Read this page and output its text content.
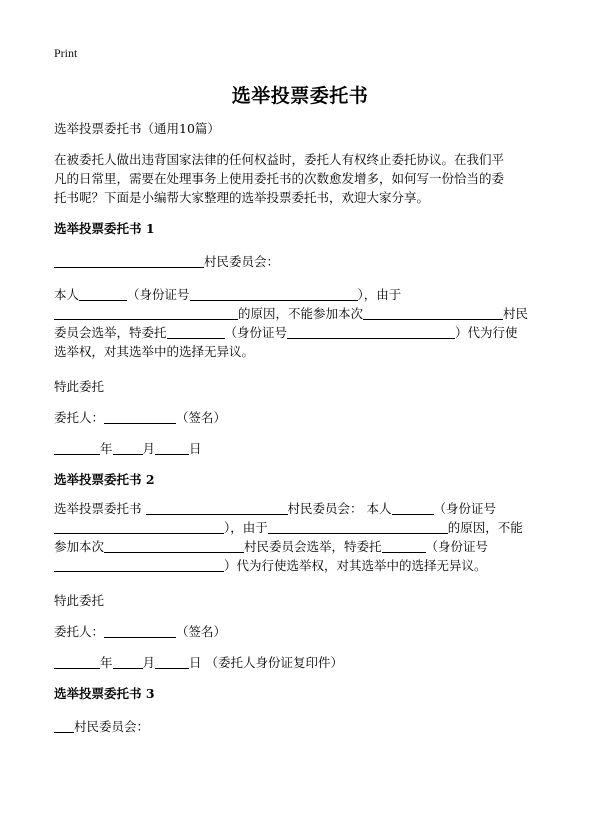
Print
选举投票委托书

选举投票委托书（通用10篇）

在被委托人做出违背国家法律的任何权益时，委托人有权终止委托协议。在我们平

凡的日常里，需要在处理事务上使用委托书的次数愈发增多，如何写一份恰当的委

托书呢？下面是小编帮大家整理的选举投票委托书，欢迎大家分享。

选举投票委托书 1

村民委员会：

本人	（身份证号	），由于

的原因，不能参加本次	村民

委员会选举，特委托	（身份证号	）代为行使

选举权，对其选举中的选择无异议。

特此委托

委托人：	（签名）

年 月	日

选举投票委托书 2

选举投票委托书	村民委员会： 本人	（身份证号

），由于	的原因，不能

参加本次	村民委员会选举，特委托	（身份证号

）代为行使选举权，对其选举中的选择无异议。

特此委托

委托人：	（签名）

年 月	日 （委托人身份证复印件）

选举投票委托书 3

村民委员会：
